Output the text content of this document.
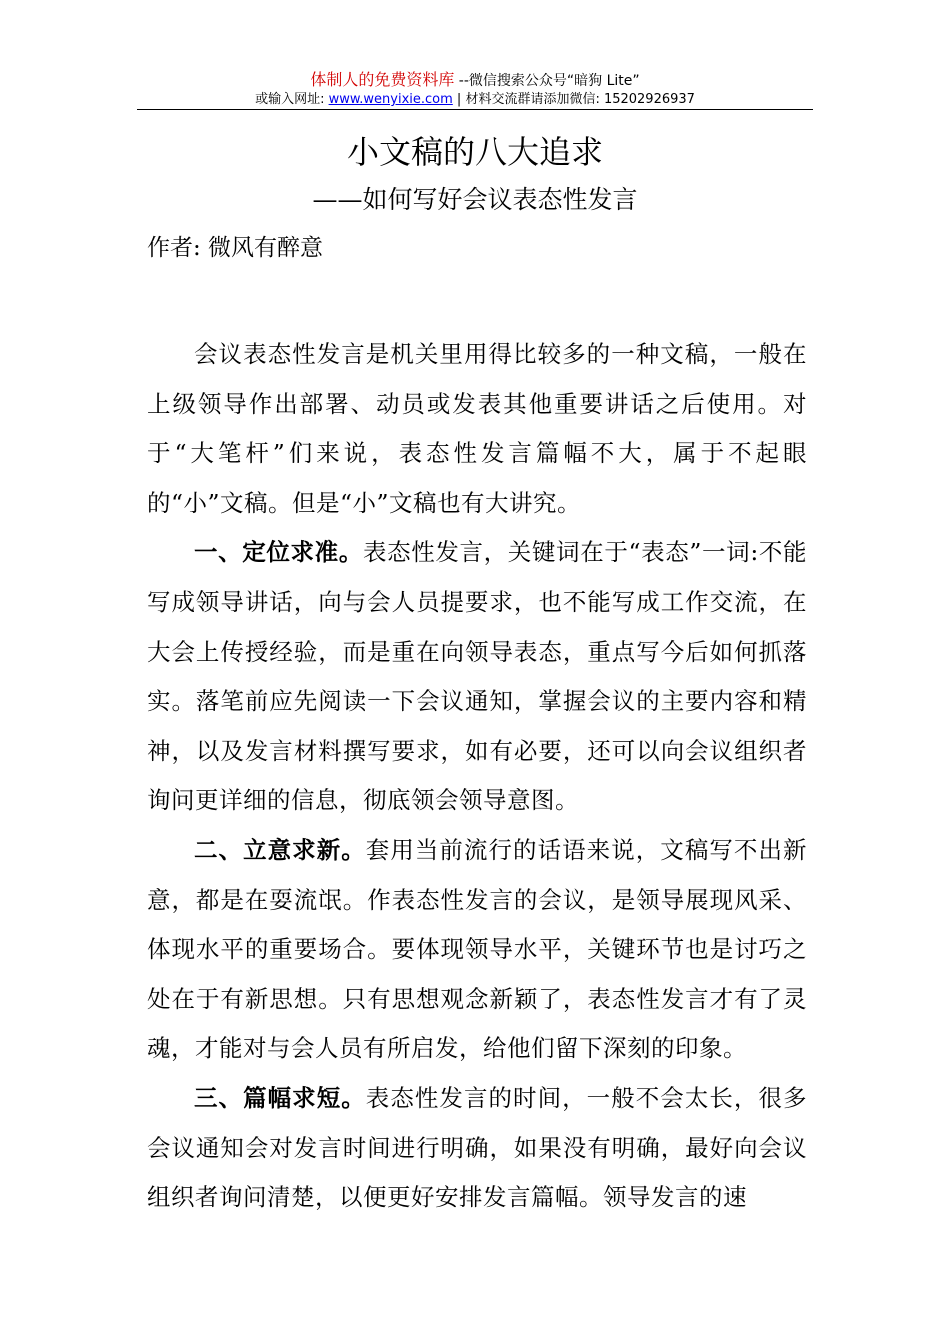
体制人的免费资料库 --微信搜索公众号“暗狗 Lite”
或输入网址: www.wenyixie.com | 材料交流群请添加微信: 15202926937
小文稿的八大追求
——如何写好会议表态性发言
作者: 微风有醉意

会议表态性发言是机关里用得比较多的一种文稿，一般在上级领导作出部署、动员或发表其他重要讲话之后使用。对于“大笔杆”们来说，表态性发言篇幅不大，属于不起眼的“小”文稿。但是“小”文稿也有大讲究。

一、定位求准。表态性发言，关键词在于“表态”一词:不能写成领导讲话，向与会人员提要求，也不能写成工作交流，在大会上传授经验，而是重在向领导表态，重点写今后如何抓落实。落笔前应先阅读一下会议通知，掌握会议的主要内容和精神，以及发言材料撰写要求，如有必要，还可以向会议组织者询问更详细的信息，彻底领会领导意图。

二、立意求新。套用当前流行的话语来说，文稿写不出新意，都是在耍流氓。作表态性发言的会议，是领导展现风采、体现水平的重要场合。要体现领导水平，关键环节也是讨巧之处在于有新思想。只有思想观念新颖了，表态性发言才有了灵魂，才能对与会人员有所启发，给他们留下深刻的印象。

三、篇幅求短。表态性发言的时间，一般不会太长，很多会议通知会对发言时间进行明确，如果没有明确，最好向会议组织者询问清楚，以便更好安排发言篇幅。领导发言的速
